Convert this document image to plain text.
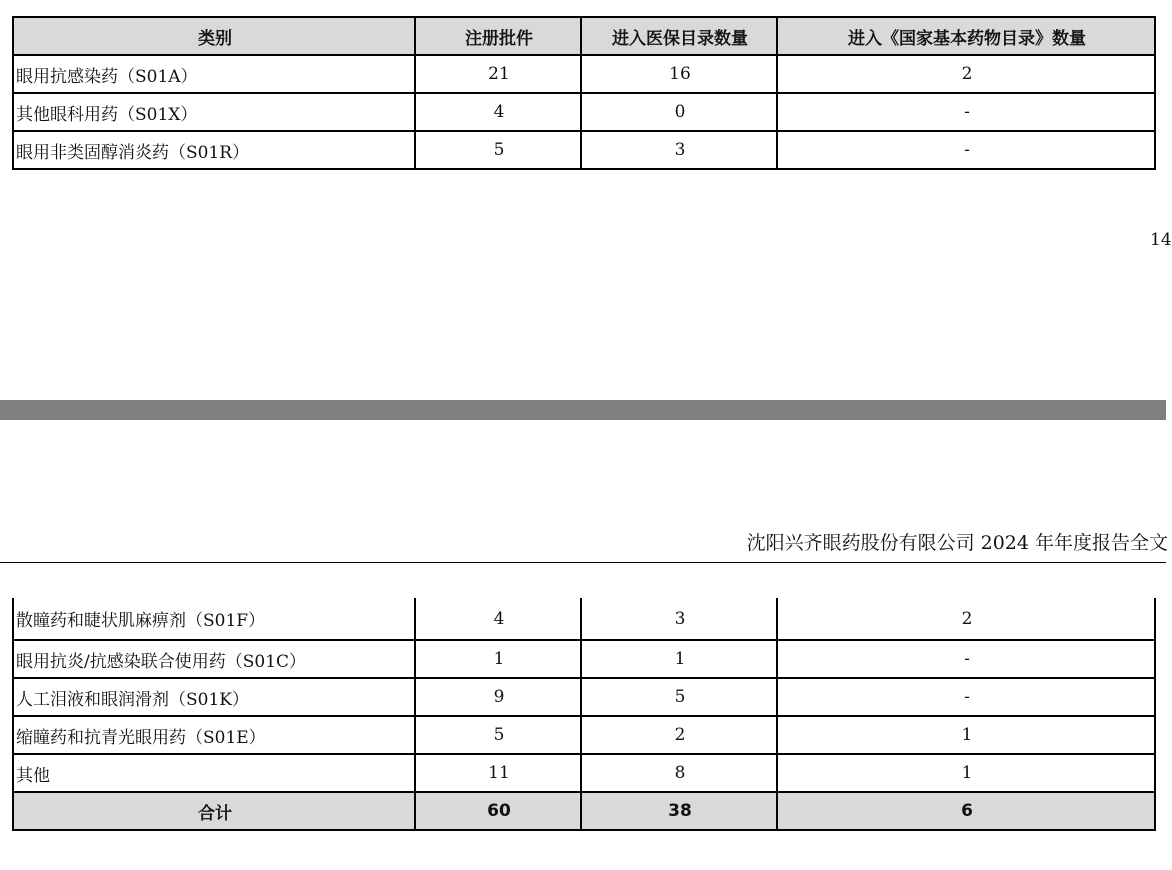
类别	注册批件	进入医保目录数量	进入《国家基本药物目录》数量
眼用抗感染药（S01A）	21	16	2
其他眼科用药（S01X）	4	0	-
眼用非类固醇消炎药（S01R）	5	3	-
14
沈阳兴齐眼药股份有限公司 2024 年年度报告全文
散瞳药和睫状肌麻痹剂（S01F）	4	3	2
眼用抗炎/抗感染联合使用药（S01C）	1	1	-
人工泪液和眼润滑剂（S01K）	9	5	-
缩瞳药和抗青光眼用药（S01E）	5	2	1
其他	11	8	1
合计	60	38	6
